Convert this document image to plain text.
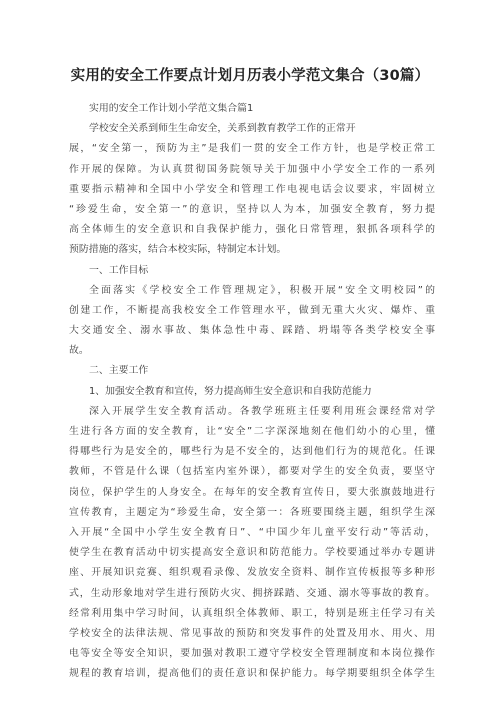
实用的安全工作要点计划月历表小学范文集合（30篇）
实用的安全工作计划小学范文集合篇1
学校安全关系到师生生命安全，关系到教育教学工作的正常开
展，“安全第一，预防为主”是我们一贯的安全工作方针，也是学校正常工
作开展的保障。为认真贯彻国务院领导关于加强中小学安全工作的一系列
重要指示精神和全国中小学安全和管理工作电视电话会议要求，牢固树立
“珍爱生命，安全第一”的意识，坚持以人为本，加强安全教育，努力提
高全体师生的安全意识和自我保护能力，强化日常管理，狠抓各项科学的
预防措施的落实，结合本校实际，特制定本计划。
一、工作目标
全面落实《学校安全工作管理规定》，积极开展“安全文明校园”的
创建工作，不断提高我校安全工作管理水平，做到无重大火灾、爆炸、重
大交通安全、溺水事故、集体急性中毒、踩踏、坍塌等各类学校安全事
故。
二、主要工作
1、加强安全教育和宣传，努力提高师生安全意识和自我防范能力
深入开展学生安全教育活动。各教学班班主任要利用班会课经常对学
生进行各方面的安全教育，让“安全”二字深深地刻在他们幼小的心里，懂
得哪些行为是安全的，哪些行为是不安全的，达到他们行为的规范化。任课
教师，不管是什么课（包括室内室外课），都要对学生的安全负责，要坚守
岗位，保护学生的人身安全。在每年的安全教育宣传日，要大张旗鼓地进行
宣传教育，主题定为“珍爱生命，安全第一：各班要围绕主题，组织学生深
入开展“全国中小学生安全教育日”、“中国少年儿童平安行动”等活动，
使学生在教育活动中切实提高安全意识和防范能力。学校要通过举办专题讲
座、开展知识竞赛、组织观看录像、发放安全资料、制作宣传板报等多种形
式，生动形象地对学生进行预防火灾、拥挤踩踏、交通、溺水等事故的教育。
经常利用集中学习时间，认真组织全体教师、职工，特别是班主任学习有关
学校安全的法律法规、常见事故的预防和突发事件的处置及用水、用火、用
电等安全等安全知识，要加强对教职工遵守学校安全管理制度和本岗位操作
规程的教育培训，提高他们的责任意识和保护能力。每学期要组织全体学生
